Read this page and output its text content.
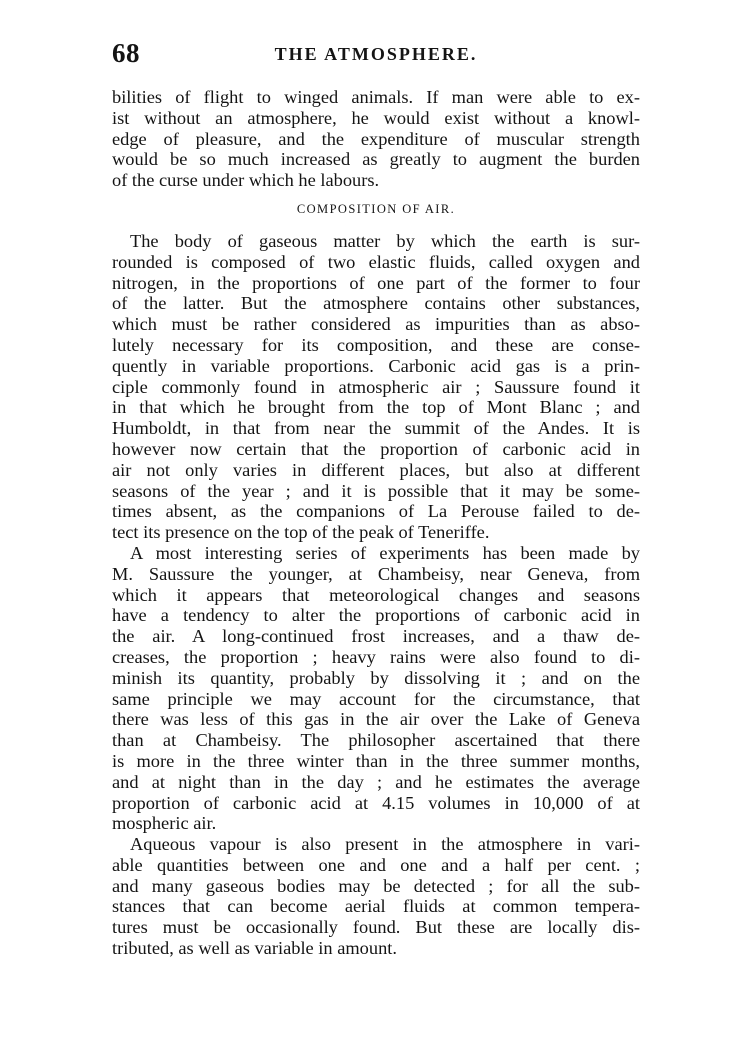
68	THE ATMOSPHERE.
bilities of flight to winged animals. If man were able to ex-
ist without an atmosphere, he would exist without a knowl-
edge of pleasure, and the expenditure of muscular strength
would be so much increased as greatly to augment the burden
of the curse under which he labours.
COMPOSITION OF AIR.
The body of gaseous matter by which the earth is sur-
rounded is composed of two elastic fluids, called oxygen and
nitrogen, in the proportions of one part of the former to four
of the latter. But the atmosphere contains other substances,
which must be rather considered as impurities than as abso-
lutely necessary for its composition, and these are conse-
quently in variable proportions. Carbonic acid gas is a prin-
ciple commonly found in atmospheric air ; Saussure found it
in that which he brought from the top of Mont Blanc ; and
Humboldt, in that from near the summit of the Andes. It is
however now certain that the proportion of carbonic acid in
air not only varies in different places, but also at different
seasons of the year ; and it is possible that it may be some-
times absent, as the companions of La Perouse failed to de-
tect its presence on the top of the peak of Teneriffe.
A most interesting series of experiments has been made by
M. Saussure the younger, at Chambeisy, near Geneva, from
which it appears that meteorological changes and seasons
have a tendency to alter the proportions of carbonic acid in
the air. A long-continued frost increases, and a thaw de-
creases, the proportion ; heavy rains were also found to di-
minish its quantity, probably by dissolving it ; and on the
same principle we may account for the circumstance, that
there was less of this gas in the air over the Lake of Geneva
than at Chambeisy. The philosopher ascertained that there
is more in the three winter than in the three summer months,
and at night than in the day ; and he estimates the average
proportion of carbonic acid at 4.15 volumes in 10,000 of at
mospheric air.
Aqueous vapour is also present in the atmosphere in vari-
able quantities between one and one and a half per cent. ;
and many gaseous bodies may be detected ; for all the sub-
stances that can become aerial fluids at common tempera-
tures must be occasionally found. But these are locally dis-
tributed, as well as variable in amount.
